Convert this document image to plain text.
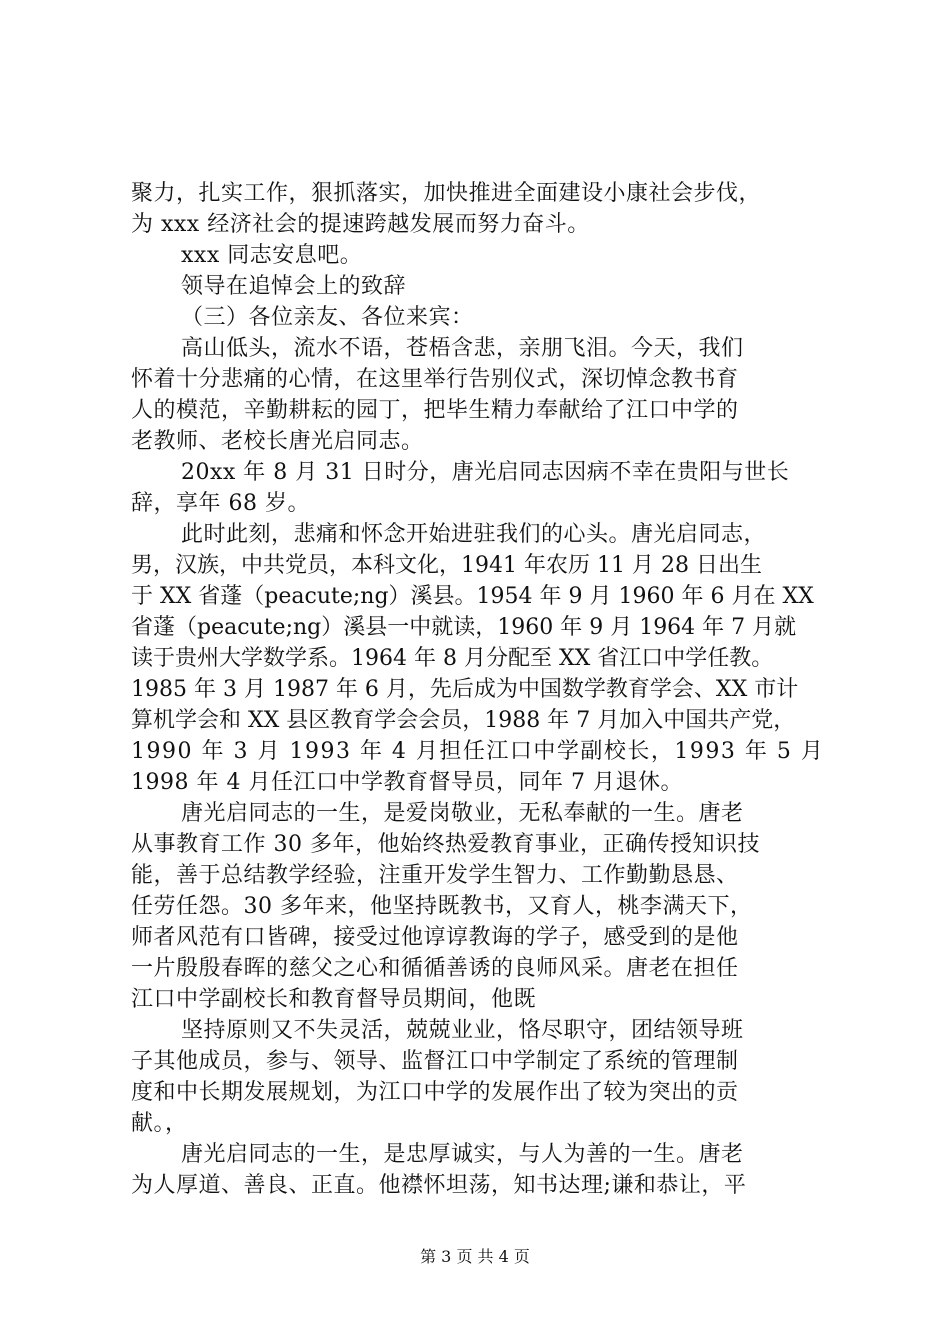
聚力，扎实工作，狠抓落实，加快推进全面建设小康社会步伐，
为 xxx 经济社会的提速跨越发展而努力奋斗。
xxx 同志安息吧。
领导在追悼会上的致辞
（三）各位亲友、各位来宾：
高山低头，流水不语，苍梧含悲，亲朋飞泪。今天，我们
怀着十分悲痛的心情，在这里举行告别仪式，深切悼念教书育
人的模范，辛勤耕耘的园丁，把毕生精力奉献给了江口中学的
老教师、老校长唐光启同志。
20xx 年 8 月 31 日时分，唐光启同志因病不幸在贵阳与世长
辞，享年 68 岁。
此时此刻，悲痛和怀念开始进驻我们的心头。唐光启同志，
男，汉族，中共党员，本科文化，1941 年农历 11 月 28 日出生
于 XX 省蓬（peacute;ng）溪县。1954 年 9 月 1960 年 6 月在 XX
省蓬（peacute;ng）溪县一中就读，1960 年 9 月 1964 年 7 月就
读于贵州大学数学系。1964 年 8 月分配至 XX 省江口中学任教。
1985 年 3 月 1987 年 6 月，先后成为中国数学教育学会、XX 市计
算机学会和 XX 县区教育学会会员，1988 年 7 月加入中国共产党，
1990 年 3 月 1993 年 4 月担任江口中学副校长，1993 年 5 月
1998 年 4 月任江口中学教育督导员，同年 7 月退休。
唐光启同志的一生，是爱岗敬业，无私奉献的一生。唐老
从事教育工作 30 多年，他始终热爱教育事业，正确传授知识技
能，善于总结教学经验，注重开发学生智力、工作勤勤恳恳、
任劳任怨。30 多年来，他坚持既教书，又育人，桃李满天下，
师者风范有口皆碑，接受过他谆谆教诲的学子，感受到的是他
一片殷殷春晖的慈父之心和循循善诱的良师风采。唐老在担任
江口中学副校长和教育督导员期间，他既
坚持原则又不失灵活，兢兢业业，恪尽职守，团结领导班
子其他成员，参与、领导、监督江口中学制定了系统的管理制
度和中长期发展规划，为江口中学的发展作出了较为突出的贡
献。，
唐光启同志的一生，是忠厚诚实，与人为善的一生。唐老
为人厚道、善良、正直。他襟怀坦荡，知书达理;谦和恭让，平
第 3 页 共 4 页
